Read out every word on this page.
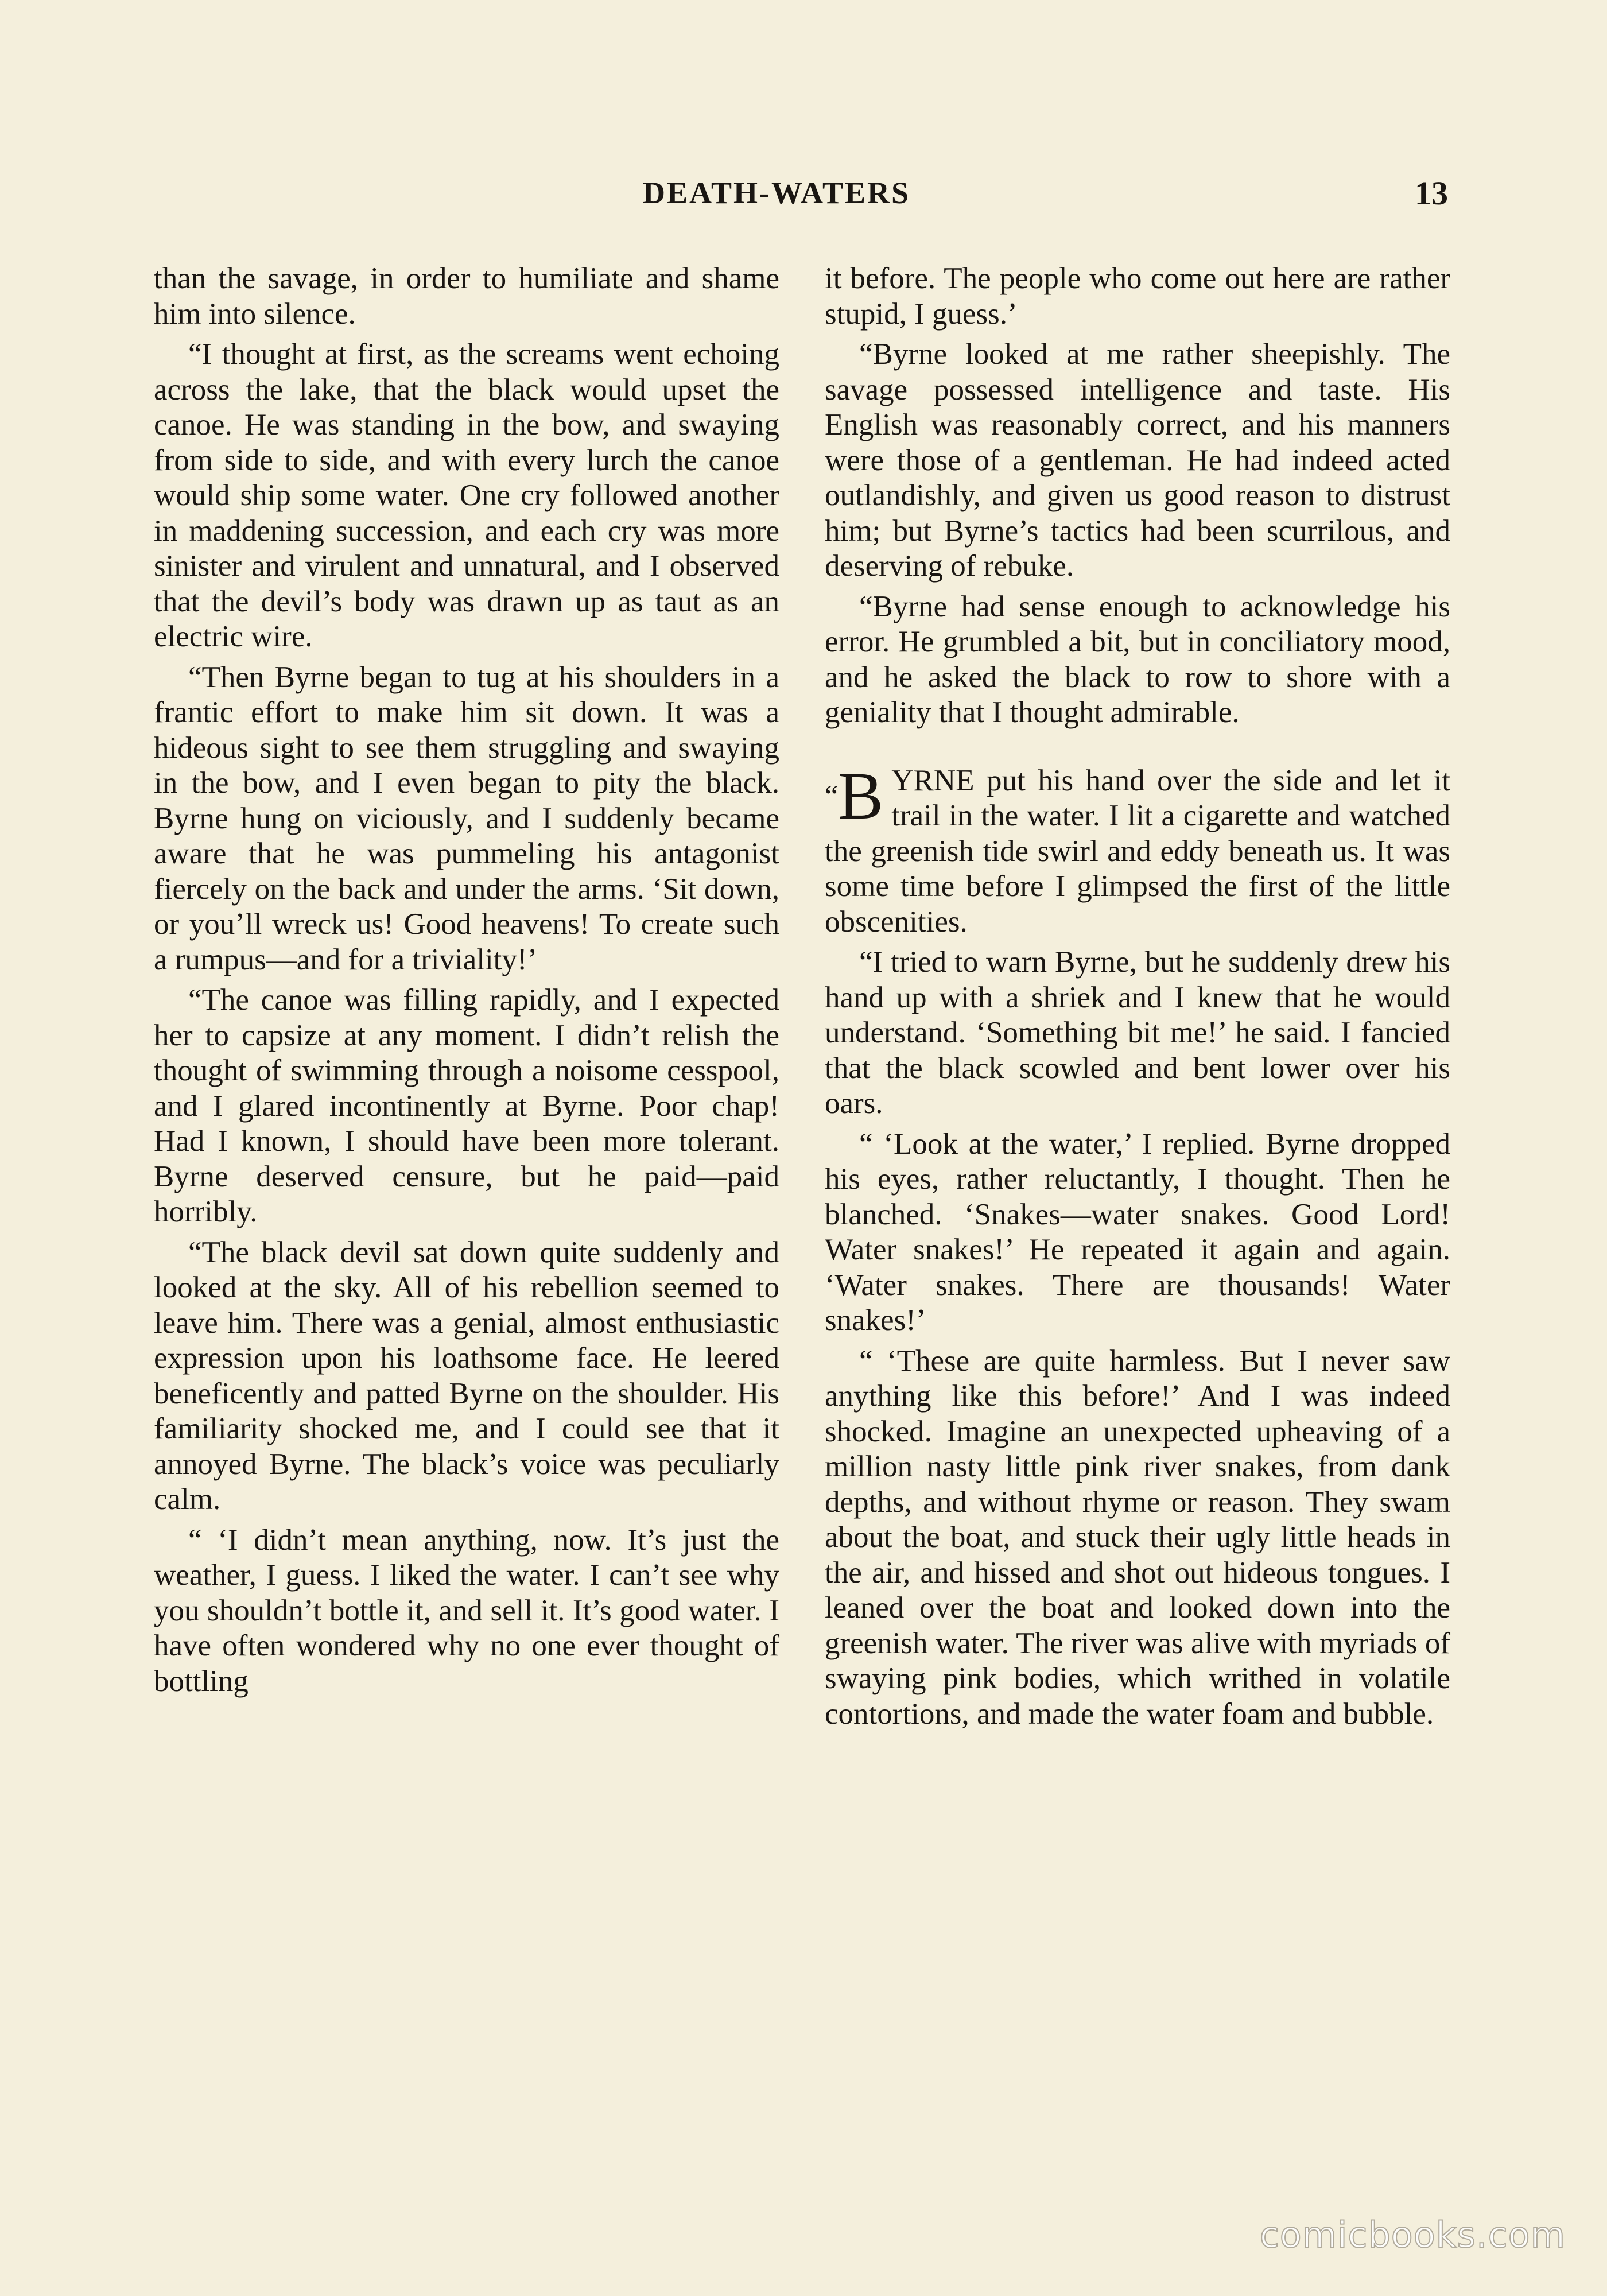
DEATH-WATERS	13

than the savage, in order to humiliate and shame him into silence.

“I thought at first, as the screams went echoing across the lake, that the black would upset the canoe. He was standing in the bow, and swaying from side to side, and with every lurch the canoe would ship some water. One cry followed another in maddening succession, and each cry was more sinister and virulent and unnatural, and I observed that the devil’s body was drawn up as taut as an electric wire.

“Then Byrne began to tug at his shoulders in a frantic effort to make him sit down. It was a hideous sight to see them struggling and swaying in the bow, and I even began to pity the black. Byrne hung on viciously, and I suddenly became aware that he was pummeling his antagonist fiercely on the back and under the arms. ‘Sit down, or you’ll wreck us! Good heavens! To create such a rumpus—and for a triviality!’

“The canoe was filling rapidly, and I expected her to capsize at any moment. I didn’t relish the thought of swimming through a noisome cesspool, and I glared incontinently at Byrne. Poor chap! Had I known, I should have been more tolerant. Byrne deserved censure, but he paid—paid horribly.

“The black devil sat down quite suddenly and looked at the sky. All of his rebellion seemed to leave him. There was a genial, almost enthusiastic expression upon his loathsome face. He leered beneficently and patted Byrne on the shoulder. His familiarity shocked me, and I could see that it annoyed Byrne. The black’s voice was peculiarly calm.

“ ‘I didn’t mean anything, now. It’s just the weather, I guess. I liked the water. I can’t see why you shouldn’t bottle it, and sell it. It’s good water. I have often wondered why no one ever thought of bottling

it before. The people who come out here are rather stupid, I guess.’

“Byrne looked at me rather sheepishly. The savage possessed intelligence and taste. His English was reasonably correct, and his manners were those of a gentleman. He had indeed acted outlandishly, and given us good reason to distrust him; but Byrne’s tactics had been scurrilous, and deserving of rebuke.

“Byrne had sense enough to acknowledge his error. He grumbled a bit, but in conciliatory mood, and he asked the black to row to shore with a geniality that I thought admirable.

“B YRNE put his hand over the side and let it trail in the water. I lit a cigarette and watched the greenish tide swirl and eddy beneath us. It was some time before I glimpsed the first of the little obscenities.

“I tried to warn Byrne, but he suddenly drew his hand up with a shriek and I knew that he would understand. ‘Something bit me!’ he said. I fancied that the black scowled and bent lower over his oars.

“ ‘Look at the water,’ I replied. Byrne dropped his eyes, rather reluctantly, I thought. Then he blanched. ‘Snakes—water snakes. Good Lord! Water snakes!’ He repeated it again and again. ‘Water snakes. There are thousands! Water snakes!’

“ ‘These are quite harmless. But I never saw anything like this before!’ And I was indeed shocked. Imagine an unexpected upheaving of a million nasty little pink river snakes, from dank depths, and without rhyme or reason. They swam about the boat, and stuck their ugly little heads in the air, and hissed and shot out hideous tongues. I leaned over the boat and looked down into the greenish water. The river was alive with myriads of swaying pink bodies, which writhed in volatile contortions, and made the water foam and bubble.

comicbooks.com
